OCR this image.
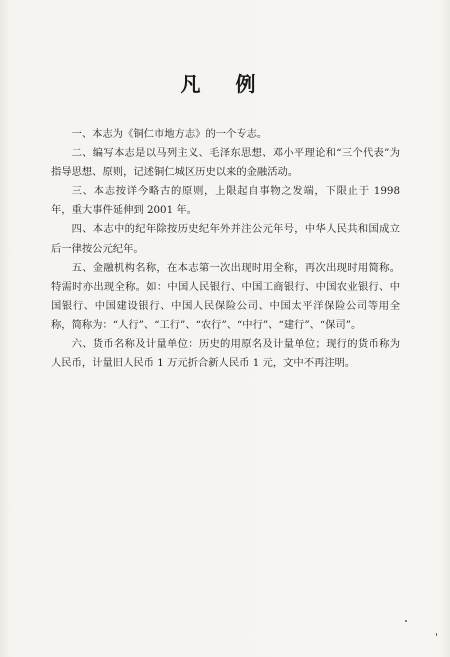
凡 例

一、本志为《铜仁市地方志》的一个专志。

二、编写本志是以马列主义、毛泽东思想、邓小平理论和“三个代表”为指导思想、原则，记述铜仁城区历史以来的金融活动。

三、本志按详今略古的原则，上限起自事物之发端，下限止于 1998 年，重大事件延伸到 2001 年。

四、本志中的纪年除按历史纪年外并注公元年号，中华人民共和国成立后一律按公元纪年。

五、金融机构名称，在本志第一次出现时用全称，再次出现时用简称。特需时亦出现全称。如：中国人民银行、中国工商银行、中国农业银行、中国银行、中国建设银行、中国人民保险公司、中国太平洋保险公司等用全称，简称为：“人行”、“工行”、“农行”、“中行”、“建行”、“保司”。

六、货币名称及计量单位：历史的用原名及计量单位；现行的货币称为人民币，计量旧人民币 1 万元折合新人民币 1 元，文中不再注明。
